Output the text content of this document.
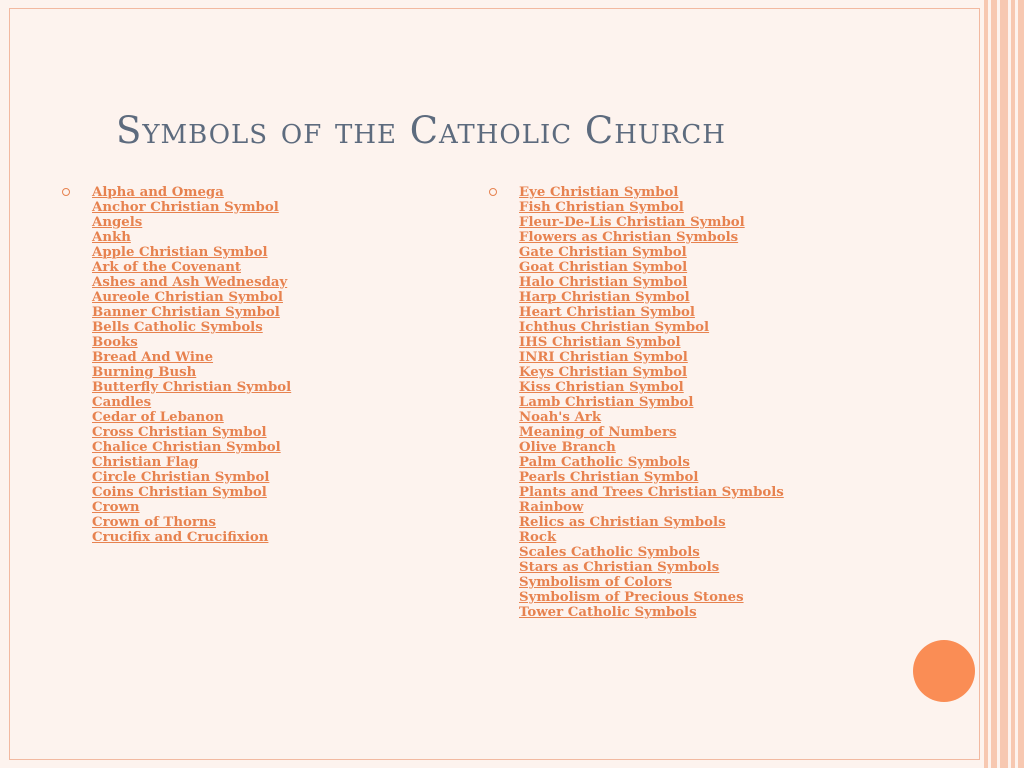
Symbols of the Catholic Church
Alpha and Omega
Anchor Christian Symbol
Angels
Ankh
Apple Christian Symbol
Ark of the Covenant
Ashes and Ash Wednesday
Aureole Christian Symbol
Banner Christian Symbol
Bells Catholic Symbols
Books
Bread And Wine
Burning Bush
Butterfly Christian Symbol
Candles
Cedar of Lebanon
Cross Christian Symbol
Chalice Christian Symbol
Christian Flag
Circle Christian Symbol
Coins Christian Symbol
Crown
Crown of Thorns
Crucifix and Crucifixion
Eye Christian Symbol
Fish Christian Symbol
Fleur-De-Lis Christian Symbol
Flowers as Christian Symbols
Gate Christian Symbol
Goat Christian Symbol
Halo Christian Symbol
Harp Christian Symbol
Heart Christian Symbol
Ichthus Christian Symbol
IHS Christian Symbol
INRI Christian Symbol
Keys Christian Symbol
Kiss Christian Symbol
Lamb Christian Symbol
Noah's Ark
Meaning of Numbers
Olive Branch
Palm Catholic Symbols
Pearls Christian Symbol
Plants and Trees Christian Symbols
Rainbow
Relics as Christian Symbols
Rock
Scales Catholic Symbols
Stars as Christian Symbols
Symbolism of Colors
Symbolism of Precious Stones
Tower Catholic Symbols
